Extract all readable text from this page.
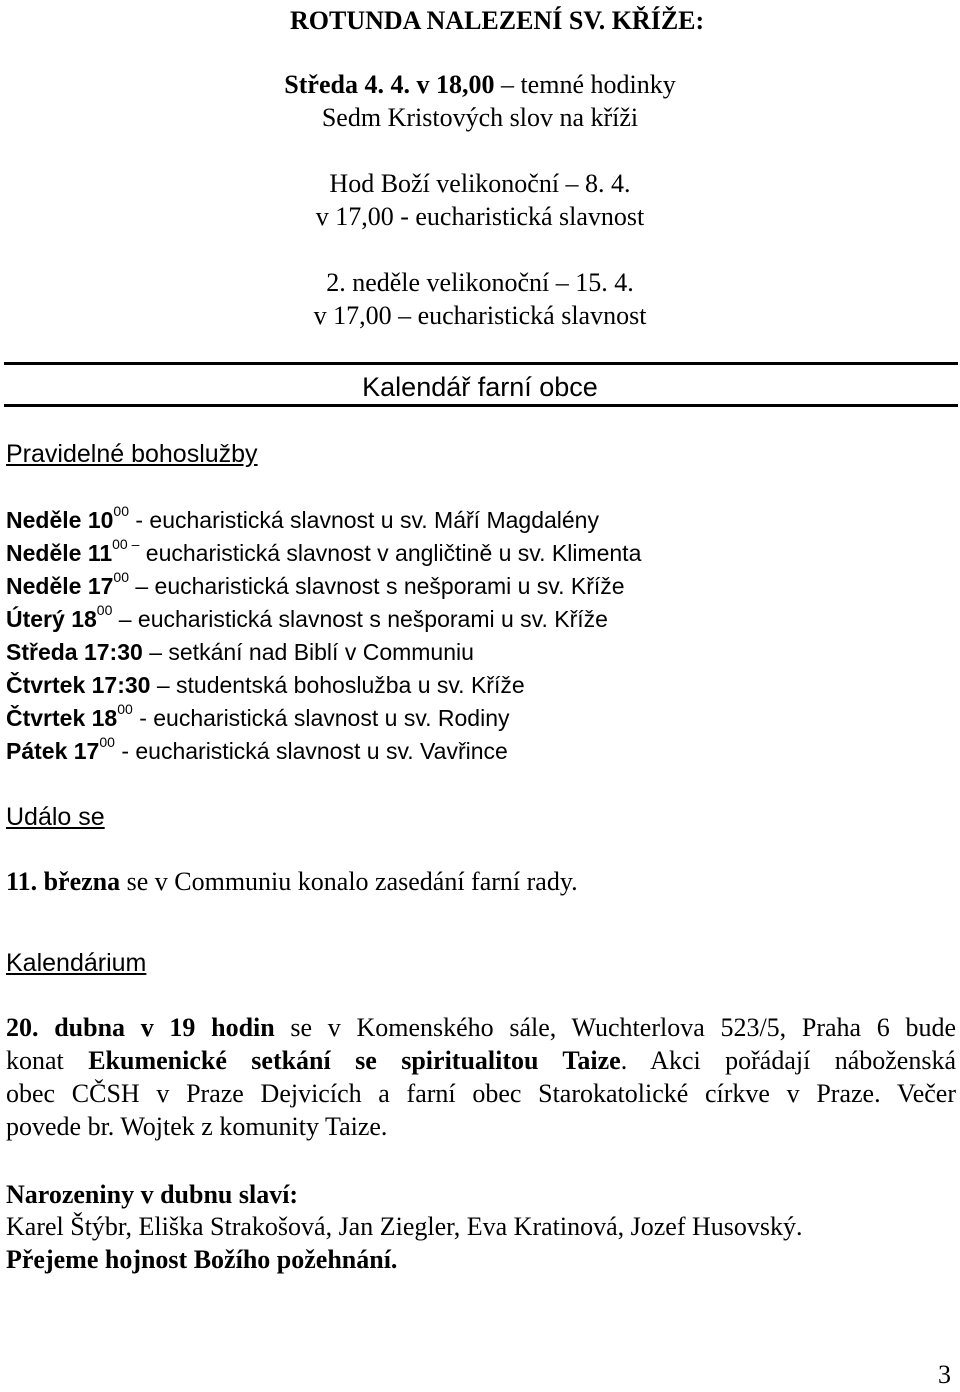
ROTUNDA NALEZENÍ SV. KŘÍŽE:
Středa 4. 4. v 18,00 – temné hodinky
Sedm Kristových slov na kříži
Hod Boží velikonoční – 8. 4.
v 17,00 - eucharistická slavnost
2. neděle velikonoční – 15. 4.
v 17,00 – eucharistická slavnost
Kalendář farní obce
Pravidelné bohoslužby
Neděle $10^{00}$ - eucharistická slavnost u sv. Máří Magdalény
Neděle $11^{00 -}$ eucharistická slavnost v angličtině u sv. Klimenta
Neděle $17^{00}$ – eucharistická slavnost s nešporami u sv. Kříže
Úterý $18^{00}$ – eucharistická slavnost s nešporami u sv. Kříže
Středa 17:30 – setkání nad Biblí v Communiu
Čtvrtek 17:30 – studentská bohoslužba u sv. Kříže
Čtvrtek $18^{00}$ - eucharistická slavnost u sv. Rodiny
Pátek $17^{00}$ - eucharistická slavnost u sv. Vavřince
Událo se
11. března se v Communiu konalo zasedání farní rady.
Kalendárium
20. dubna v 19 hodin se v Komenského sále, Wuchterlova 523/5, Praha 6 bude
konat Ekumenické setkání se spiritualitou Taize. Akci pořádají náboženská
obec CČSH v Praze Dejvicích a farní obec Starokatolické církve v Praze. Večer
povede br. Wojtek z komunity Taize.
Narozeniny v dubnu slaví:
Karel Štýbr, Eliška Strakošová, Jan Ziegler, Eva Kratinová, Jozef Husovský.
Přejeme hojnost Božího požehnání.
3
